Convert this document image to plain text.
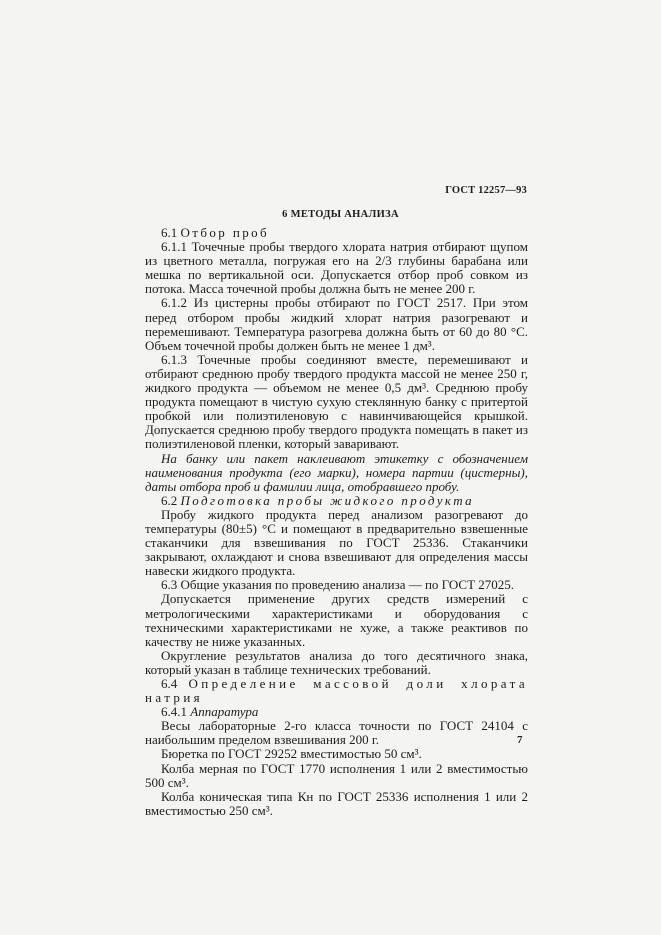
ГОСТ 12257—93
6 МЕТОДЫ АНАЛИЗА

6.1 Отбор проб

6.1.1 Точечные пробы твердого хлората натрия отбирают щупом из цветного металла, погружая его на 2/3 глубины барабана или мешка по вертикальной оси. Допускается отбор проб совком из потока. Масса точечной пробы должна быть не менее 200 г.

6.1.2 Из цистерны пробы отбирают по ГОСТ 2517. При этом перед отбором пробы жидкий хлорат натрия разогревают и перемешивают. Температура разогрева должна быть от 60 до 80 °С. Объем точечной пробы должен быть не менее 1 дм³.

6.1.3 Точечные пробы соединяют вместе, перемешивают и отбирают среднюю пробу твердого продукта массой не менее 250 г, жидкого продукта — объемом не менее 0,5 дм³. Среднюю пробу продукта помещают в чистую сухую стеклянную банку с притертой пробкой или полиэтиленовую с навинчивающейся крышкой. Допускается среднюю пробу твердого продукта помещать в пакет из полиэтиленовой пленки, который заваривают.

На банку или пакет наклеивают этикетку с обозначением наименования продукта (его марки), номера партии (цистерны), даты отбора проб и фамилии лица, отобравшего пробу.

6.2 Подготовка пробы жидкого продукта

Пробу жидкого продукта перед анализом разогревают до температуры (80±5) °С и помещают в предварительно взвешенные стаканчики для взвешивания по ГОСТ 25336. Стаканчики закрывают, охлаждают и снова взвешивают для определения массы навески жидкого продукта.

6.3 Общие указания по проведению анализа — по ГОСТ 27025.

Допускается применение других средств измерений с метрологическими характеристиками и оборудования с техническими характеристиками не хуже, а также реактивов по качеству не ниже указанных.

Округление результатов анализа до того десятичного знака, который указан в таблице технических требований.

6.4 Определение массовой доли хлората натрия

6.4.1 Аппаратура

Весы лабораторные 2-го класса точности по ГОСТ 24104 с наибольшим пределом взвешивания 200 г.

Бюретка по ГОСТ 29252 вместимостью 50 см³.

Колба мерная по ГОСТ 1770 исполнения 1 или 2 вместимостью 500 см³.

Колба коническая типа Кн по ГОСТ 25336 исполнения 1 или 2 вместимостью 250 см³.

7
